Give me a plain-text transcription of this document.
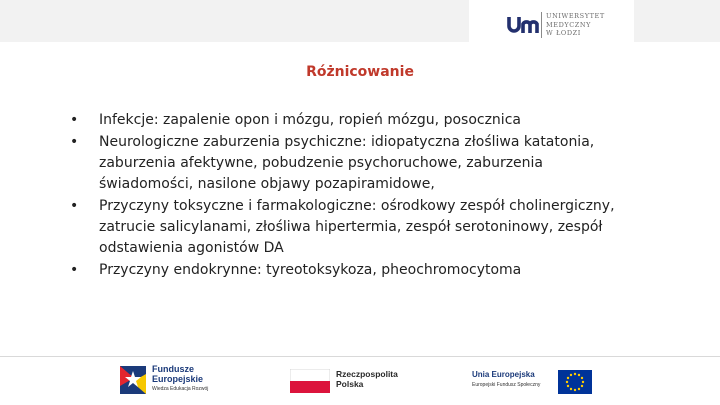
UNIWERSYTET
MEDYCZNY
W ŁODZI
Różnicowanie
•	Infekcje: zapalenie opon i mózgu, ropień mózgu, posocznica
•	Neurologiczne zaburzenia psychiczne: idiopatyczna złośliwa katatonia, zaburzenia afektywne, pobudzenie psychoruchowe, zaburzenia świadomości, nasilone objawy pozapiramidowe,
•	Przyczyny toksyczne i farmakologiczne: ośrodkowy zespół cholinergiczny, zatrucie salicylanami, złośliwa hipertermia, zespół serotoninowy, zespół odstawienia agonistów DA
•	Przyczyny endokrynne: tyreotoksykoza, pheochromocytoma
Fundusze
Europejskie
Wiedza Edukacja Rozwój
Rzeczpospolita
Polska
Unia Europejska
Europejski Fundusz Społeczny
